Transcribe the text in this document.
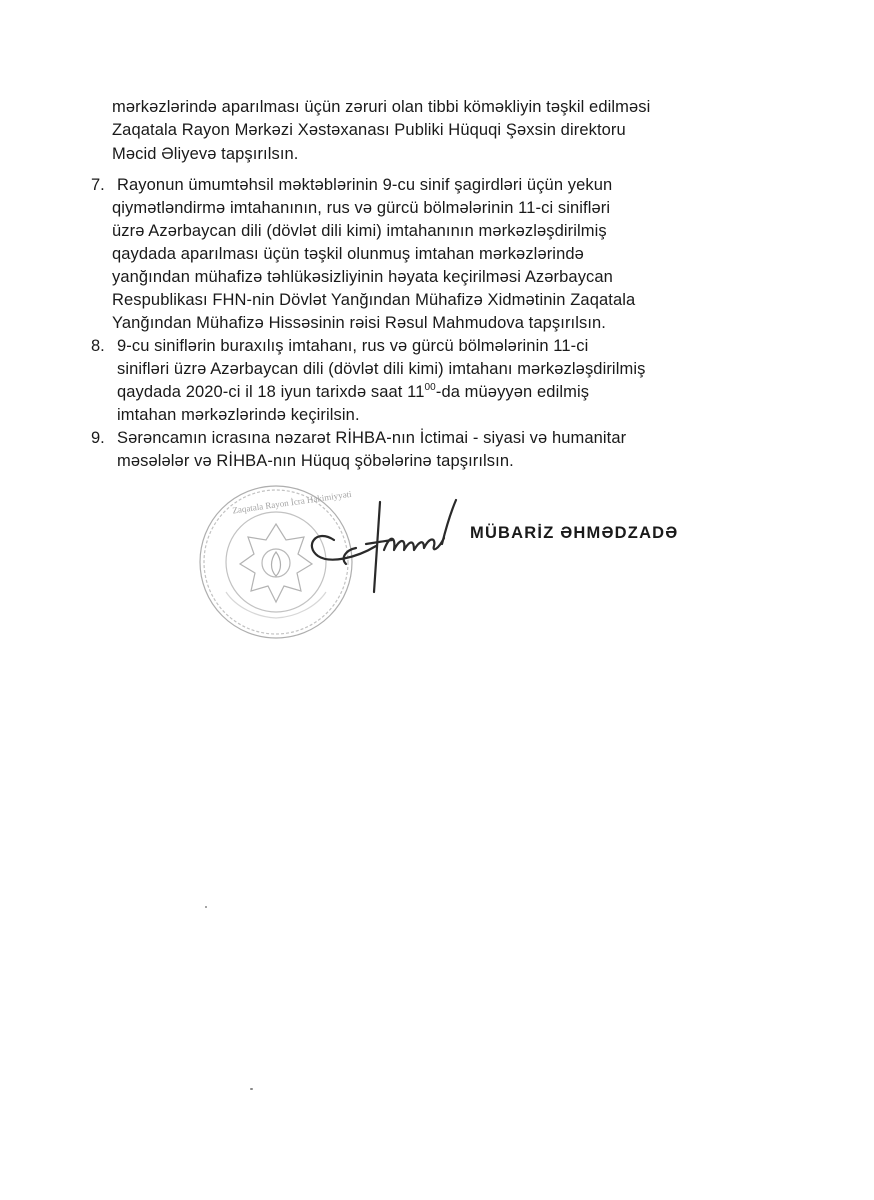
mərkəzlərində aparılması üçün zəruri olan tibbi köməkliyin təşkil edilməsi
Zaqatala Rayon Mərkəzi Xəstəxanası Publiki Hüquqi Şəxsin direktoru
Məcid Əliyevə tapşırılsın.
7. Rayonun ümumtəhsil məktəblərinin 9-cu sinif şagirdləri üçün yekun
qiymətləndirmə imtahanının, rus və gürcü bölmələrinin 11-ci sinifləri
üzrə Azərbaycan dili (dövlət dili kimi) imtahanının mərkəzləşdirilmiş
qaydada aparılması üçün təşkil olunmuş imtahan mərkəzlərində
yanğından mühafizə təhlükəsizliyinin həyata keçirilməsi Azərbaycan
Respublikası FHN-nin Dövlət Yanğından Mühafizə Xidmətinin Zaqatala
Yanğından Mühafizə Hissəsinin rəisi Rəsul Mahmudova tapşırılsın.
8. 9-cu siniflərin buraxılış imtahanı, rus və gürcü bölmələrinin 11-ci
sinifləri üzrə Azərbaycan dili (dövlət dili kimi) imtahanı mərkəzləşdirilmiş
qaydada 2020-ci il 18 iyun tarixdə saat $11^{00}-da$ müəyyən edilmiş
imtahan mərkəzlərində keçirilsin.
9. Sərəncamın icrasına nəzarət RİHBA-nın İctimai - siyasi və humanitar
məsələlər və RİHBA-nın Hüquq şöbələrinə tapşırılsın.
Zaqatala Rayon İcra Hakimiyyəti
MÜBARİZ ƏHMƏDZADƏ
